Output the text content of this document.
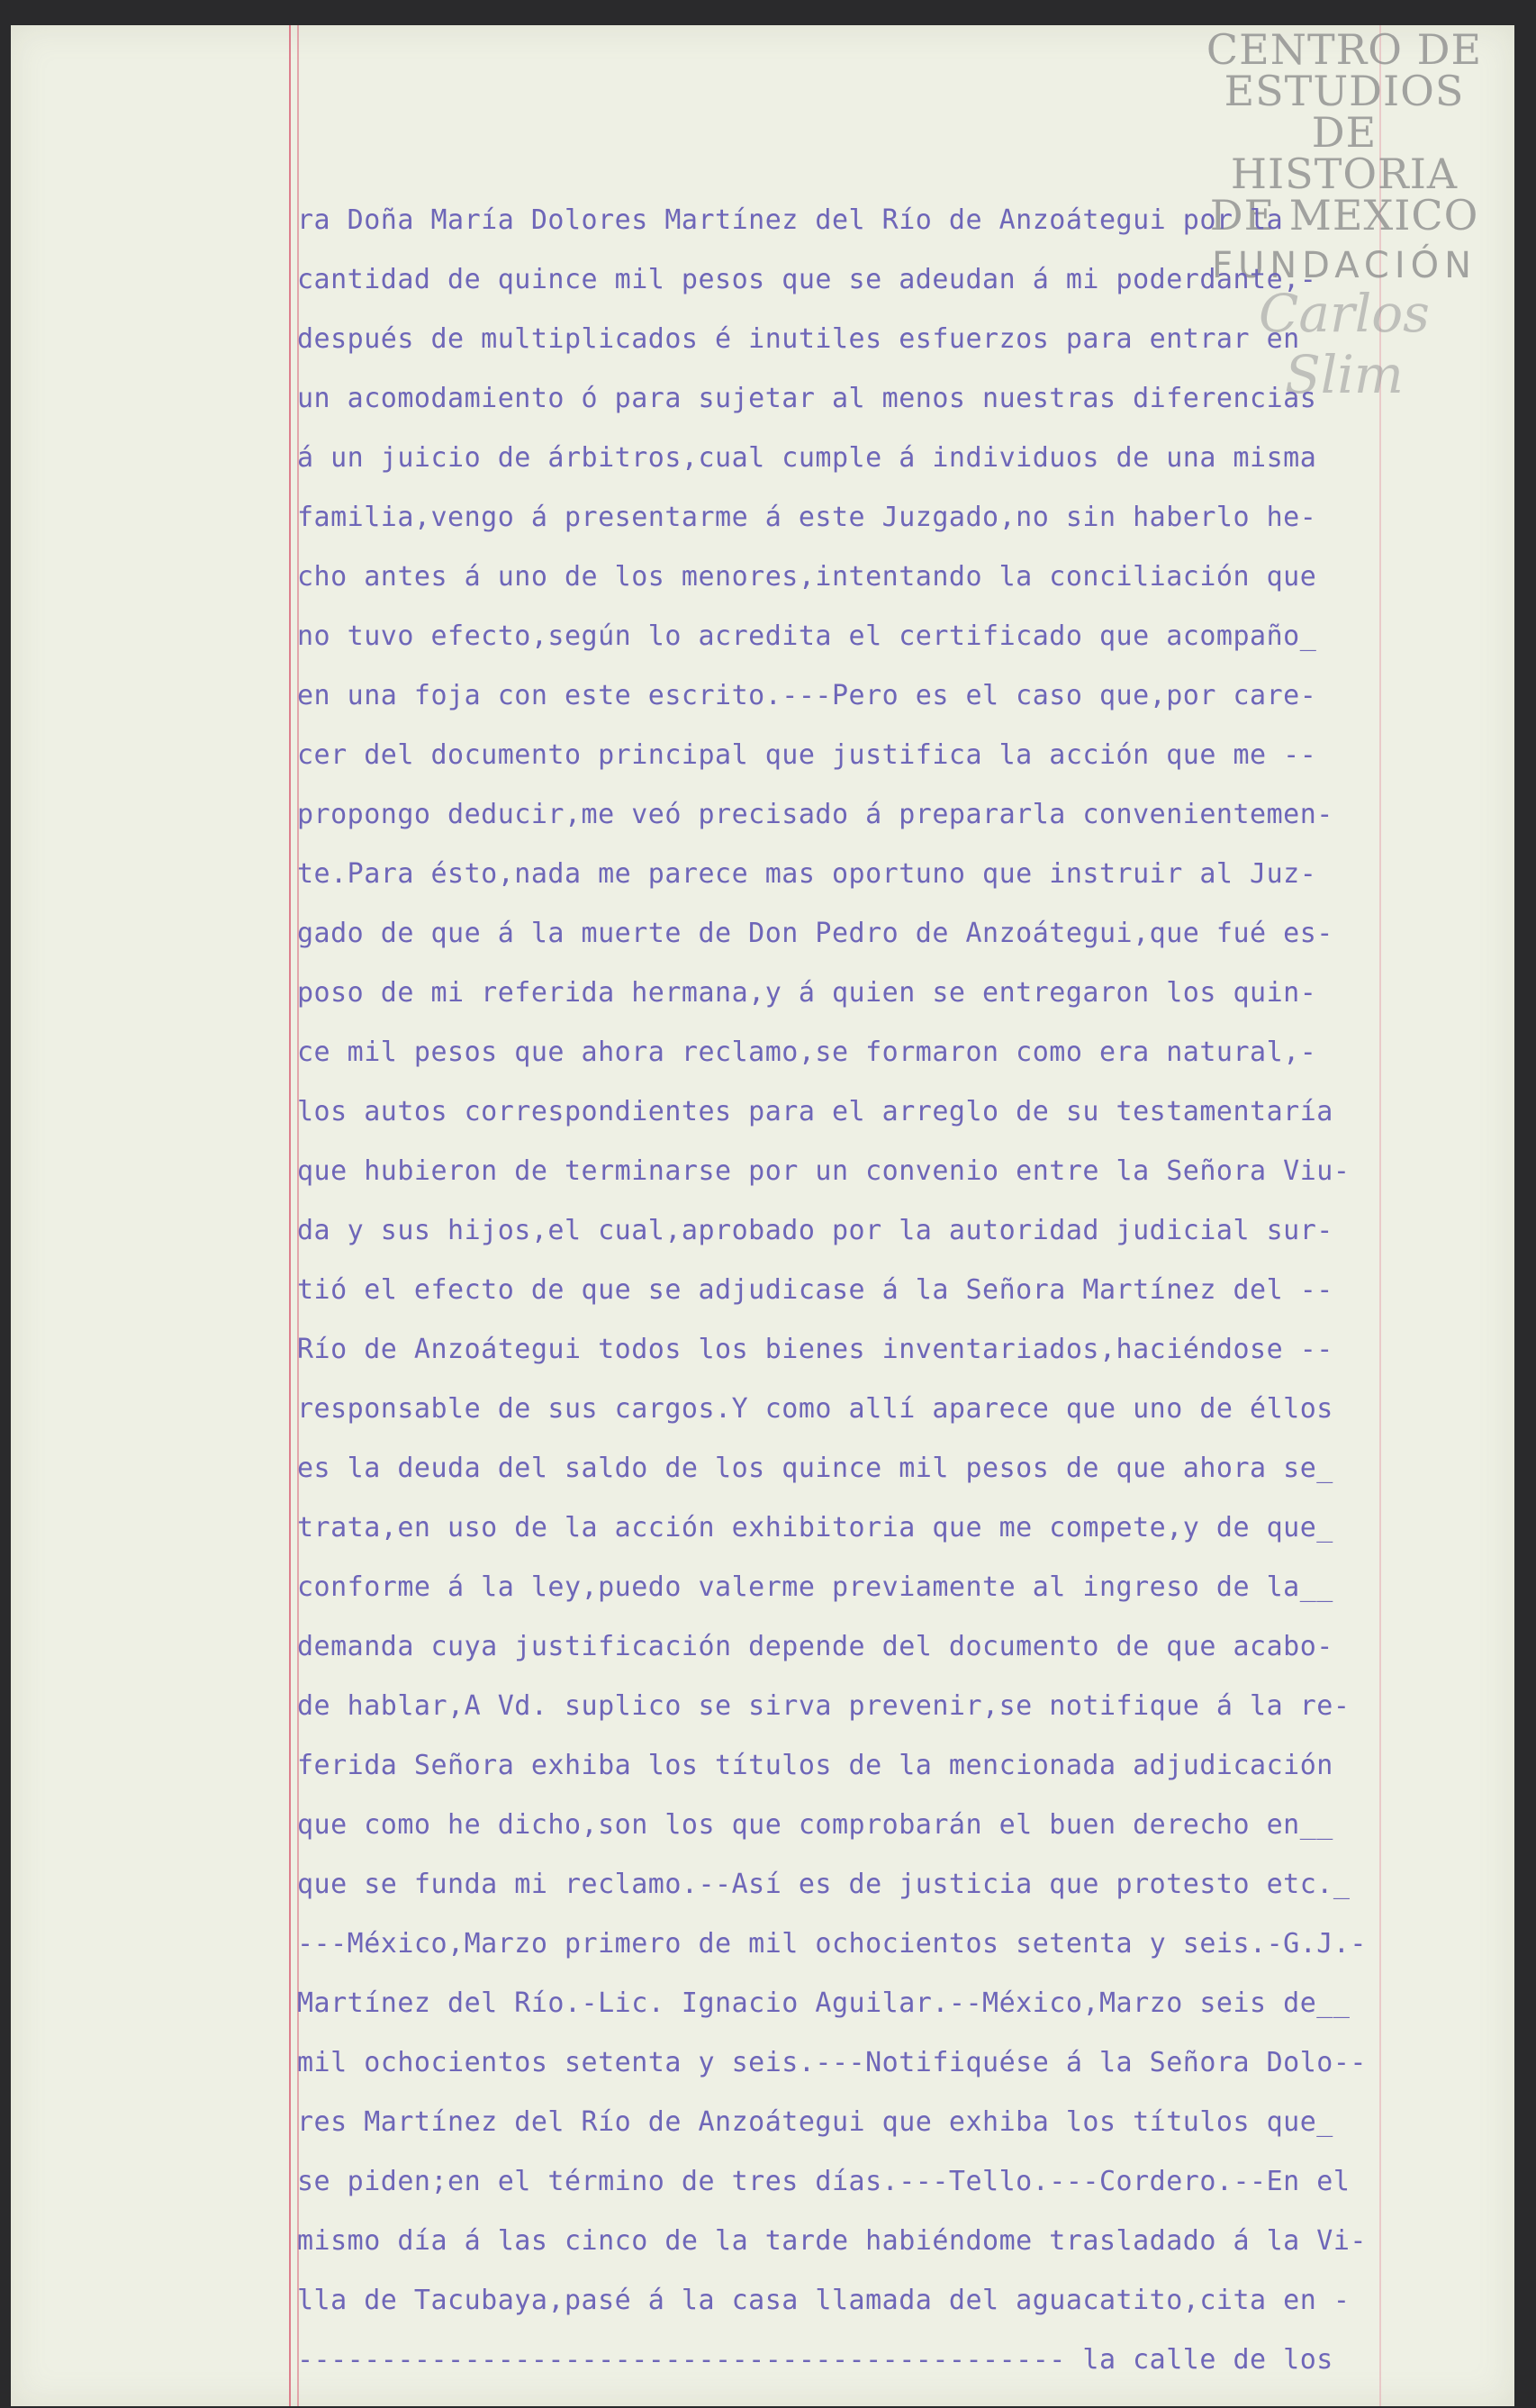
CENTRO DE
ESTUDIOS
DE HISTORIA
DE MEXICO
FUNDACIÓN
Carlos Slim
ra Doña María Dolores Martínez del Río de Anzoátegui por la
cantidad de quince mil pesos que se adeudan á mi poderdante,-
después de multiplicados é inutiles esfuerzos para entrar en
un acomodamiento ó para sujetar al menos nuestras diferencias
á un juicio de árbitros,cual cumple á individuos de una misma
familia,vengo á presentarme á este Juzgado,no sin haberlo he-
cho antes á uno de los menores,intentando la conciliación que
no tuvo efecto,según lo acredita el certificado que acompaño_
en una foja con este escrito.---Pero es el caso que,por care-
cer del documento principal que justifica la acción que me --
propongo deducir,me veó precisado á prepararla convenientemen-
te.Para ésto,nada me parece mas oportuno que instruir al Juz-
gado de que á la muerte de Don Pedro de Anzoátegui,que fué es-
poso de mi referida hermana,y á quien se entregaron los quin-
ce mil pesos que ahora reclamo,se formaron como era natural,-
los autos correspondientes para el arreglo de su testamentaría
que hubieron de terminarse por un convenio entre la Señora Viu-
da y sus hijos,el cual,aprobado por la autoridad judicial sur-
tió el efecto de que se adjudicase á la Señora Martínez del --
Río de Anzoátegui todos los bienes inventariados,haciéndose --
responsable de sus cargos.Y como allí aparece que uno de éllos
es la deuda del saldo de los quince mil pesos de que ahora se_
trata,en uso de la acción exhibitoria que me compete,y de que_
conforme á la ley,puedo valerme previamente al ingreso de la__
demanda cuya justificación depende del documento de que acabo-
de hablar,A Vd. suplico se sirva prevenir,se notifique á la re-
ferida Señora exhiba los títulos de la mencionada adjudicación
que como he dicho,son los que comprobarán el buen derecho en__
que se funda mi reclamo.--Así es de justicia que protesto etc._
---México,Marzo primero de mil ochocientos setenta y seis.-G.J.-
Martínez del Río.-Lic. Ignacio Aguilar.--México,Marzo seis de__
mil ochocientos setenta y seis.---Notifiquése á la Señora Dolo--
res Martínez del Río de Anzoátegui que exhiba los títulos que_
se piden;en el término de tres días.---Tello.---Cordero.--En el
mismo día á las cinco de la tarde habiéndome trasladado á la Vi-
lla de Tacubaya,pasé á la casa llamada del aguacatito,cita en -
---------------------------------------------- la calle de los
